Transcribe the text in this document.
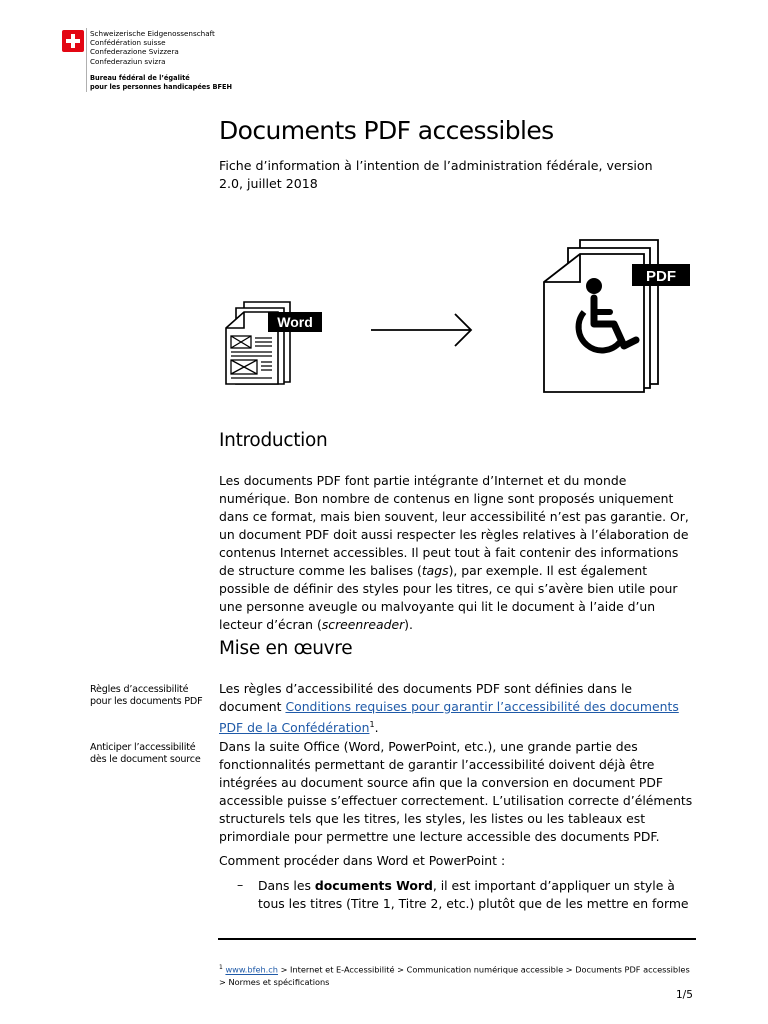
Schweizerische Eidgenossenschaft
Confédération suisse
Confederazione Svizzera
Confederaziun svizra
Bureau fédéral de l’égalité
pour les personnes handicapées BFEH
Documents PDF accessibles
Fiche d’information à l’intention de l’administration fédérale, version 2.0, juillet 2018
Word
PDF
Introduction
Les documents PDF font partie intégrante d’Internet et du monde numérique. Bon nombre de contenus en ligne sont proposés uniquement dans ce format, mais bien souvent, leur accessibilité n’est pas garantie. Or, un document PDF doit aussi respecter les règles relatives à l’élaboration de contenus Internet accessibles. Il peut tout à fait contenir des informations de structure comme les balises (tags), par exemple. Il est également possible de définir des styles pour les titres, ce qui s’avère bien utile pour une personne aveugle ou malvoyante qui lit le document à l’aide d’un lecteur d’écran (screenreader).
Mise en œuvre
Règles d’accessibilité pour les documents PDF
Les règles d’accessibilité des documents PDF sont définies dans le document Conditions requises pour garantir l’accessibilité des documents PDF de la Confédération$^1$.
Anticiper l’accessibilité dès le document source
Dans la suite Office (Word, PowerPoint, etc.), une grande partie des fonctionnalités permettant de garantir l’accessibilité doivent déjà être intégrées au document source afin que la conversion en document PDF accessible puisse s’effectuer correctement. L’utilisation correcte d’éléments structurels tels que les titres, les styles, les listes ou les tableaux est primordiale pour permettre une lecture accessible des documents PDF.
Comment procéder dans Word et PowerPoint :
– Dans les documents Word, il est important d’appliquer un style à tous les titres (Titre 1, Titre 2, etc.) plutôt que de les mettre en forme
$^1$ www.bfeh.ch > Internet et E-Accessibilité > Communication numérique accessible > Documents PDF accessibles > Normes et spécifications
1/5
